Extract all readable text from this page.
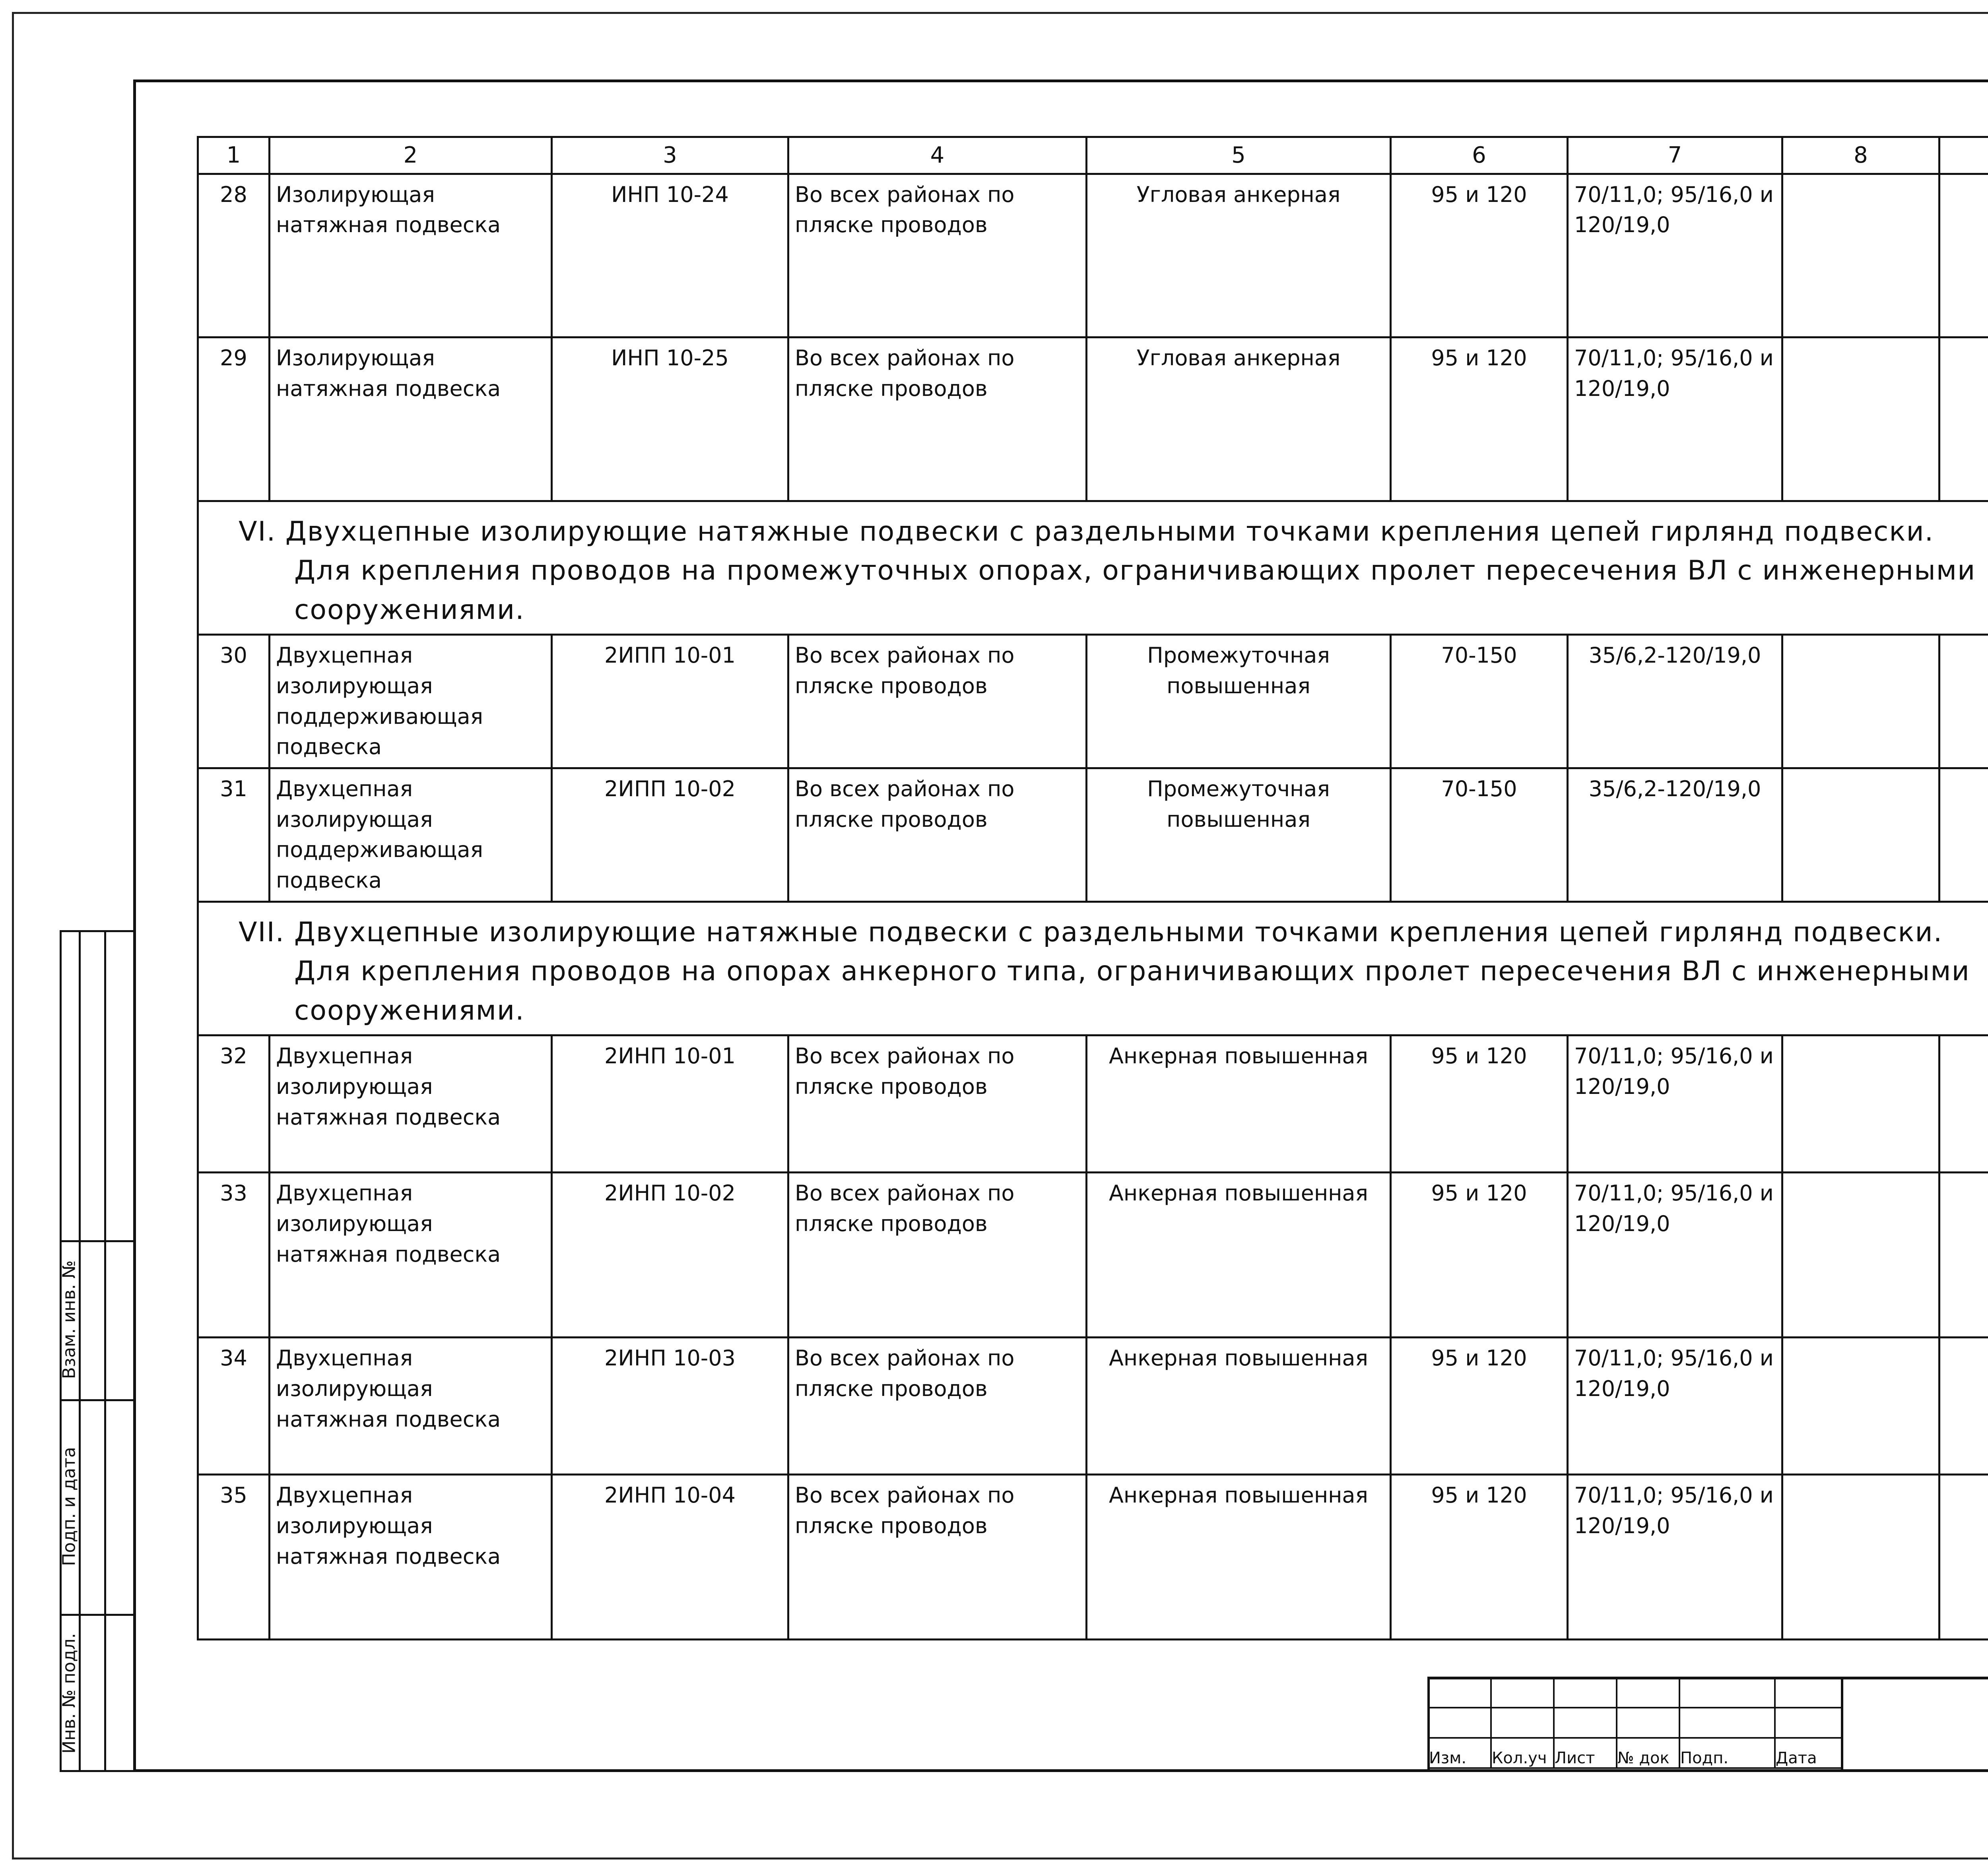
Взам. инв. №
Подп. и дата
Инв. № подл.
1	2	3	4	5	6	7	8		
28	Изолирующая натяжная подвеска	ИНП 10-24	Во всех районах по пляске проводов	Угловая анкерная	95 и 120	70/11,0; 95/16,0 и 120/19,0		

29	Изолирующая натяжная подвеска	ИНП 10-25	Во всех районах по пляске проводов	Угловая анкерная	95 и 120	70/11,0; 95/16,0 и 120/19,0		

VI. Двухцепные изолирующие натяжные подвески с раздельными точками крепления цепей гирлянд подвески.
Для крепления проводов на промежуточных опорах, ограничивающих пролет пересечения ВЛ с инженерными сооружениями.									

30	Двухцепная изолирующая поддерживающая подвеска	2ИПП 10-01	Во всех районах по пляске проводов	Промежуточная повышенная	70-150	35/6,2-120/19,0			
31	Двухцепная изолирующая поддерживающая подвеска	2ИПП 10-02	Во всех районах по пляске проводов	Промежуточная повышенная	70-150	35/6,2-120/19,0			

VII. Двухцепные изолирующие натяжные подвески с раздельными точками крепления цепей гирлянд подвески.
Для крепления проводов на опорах анкерного типа, ограничивающих пролет пересечения ВЛ с инженерными сооружениями.									

32	Двухцепная изолирующая натяжная подвеска	2ИНП 10-01	Во всех районах по пляске проводов	Анкерная повышенная	95 и 120	70/11,0; 95/16,0 и 120/19,0			
33	Двухцепная изолирующая натяжная подвеска	2ИНП 10-02	Во всех районах по пляске проводов	Анкерная повышенная	95 и 120	70/11,0; 95/16,0 и 120/19,0			
34	Двухцепная изолирующая натяжная подвеска	2ИНП 10-03	Во всех районах по пляске проводов	Анкерная повышенная	95 и 120	70/11,0; 95/16,0 и 120/19,0			
35	Двухцепная изолирующая натяжная подвеска	2ИНП 10-04	Во всех районах по пляске проводов	Анкерная повышенная	95 и 120	70/11,0; 95/16,0 и 120/19,0			

Изм.	Кол.уч	Лист	№ док	Подп.	Дата
